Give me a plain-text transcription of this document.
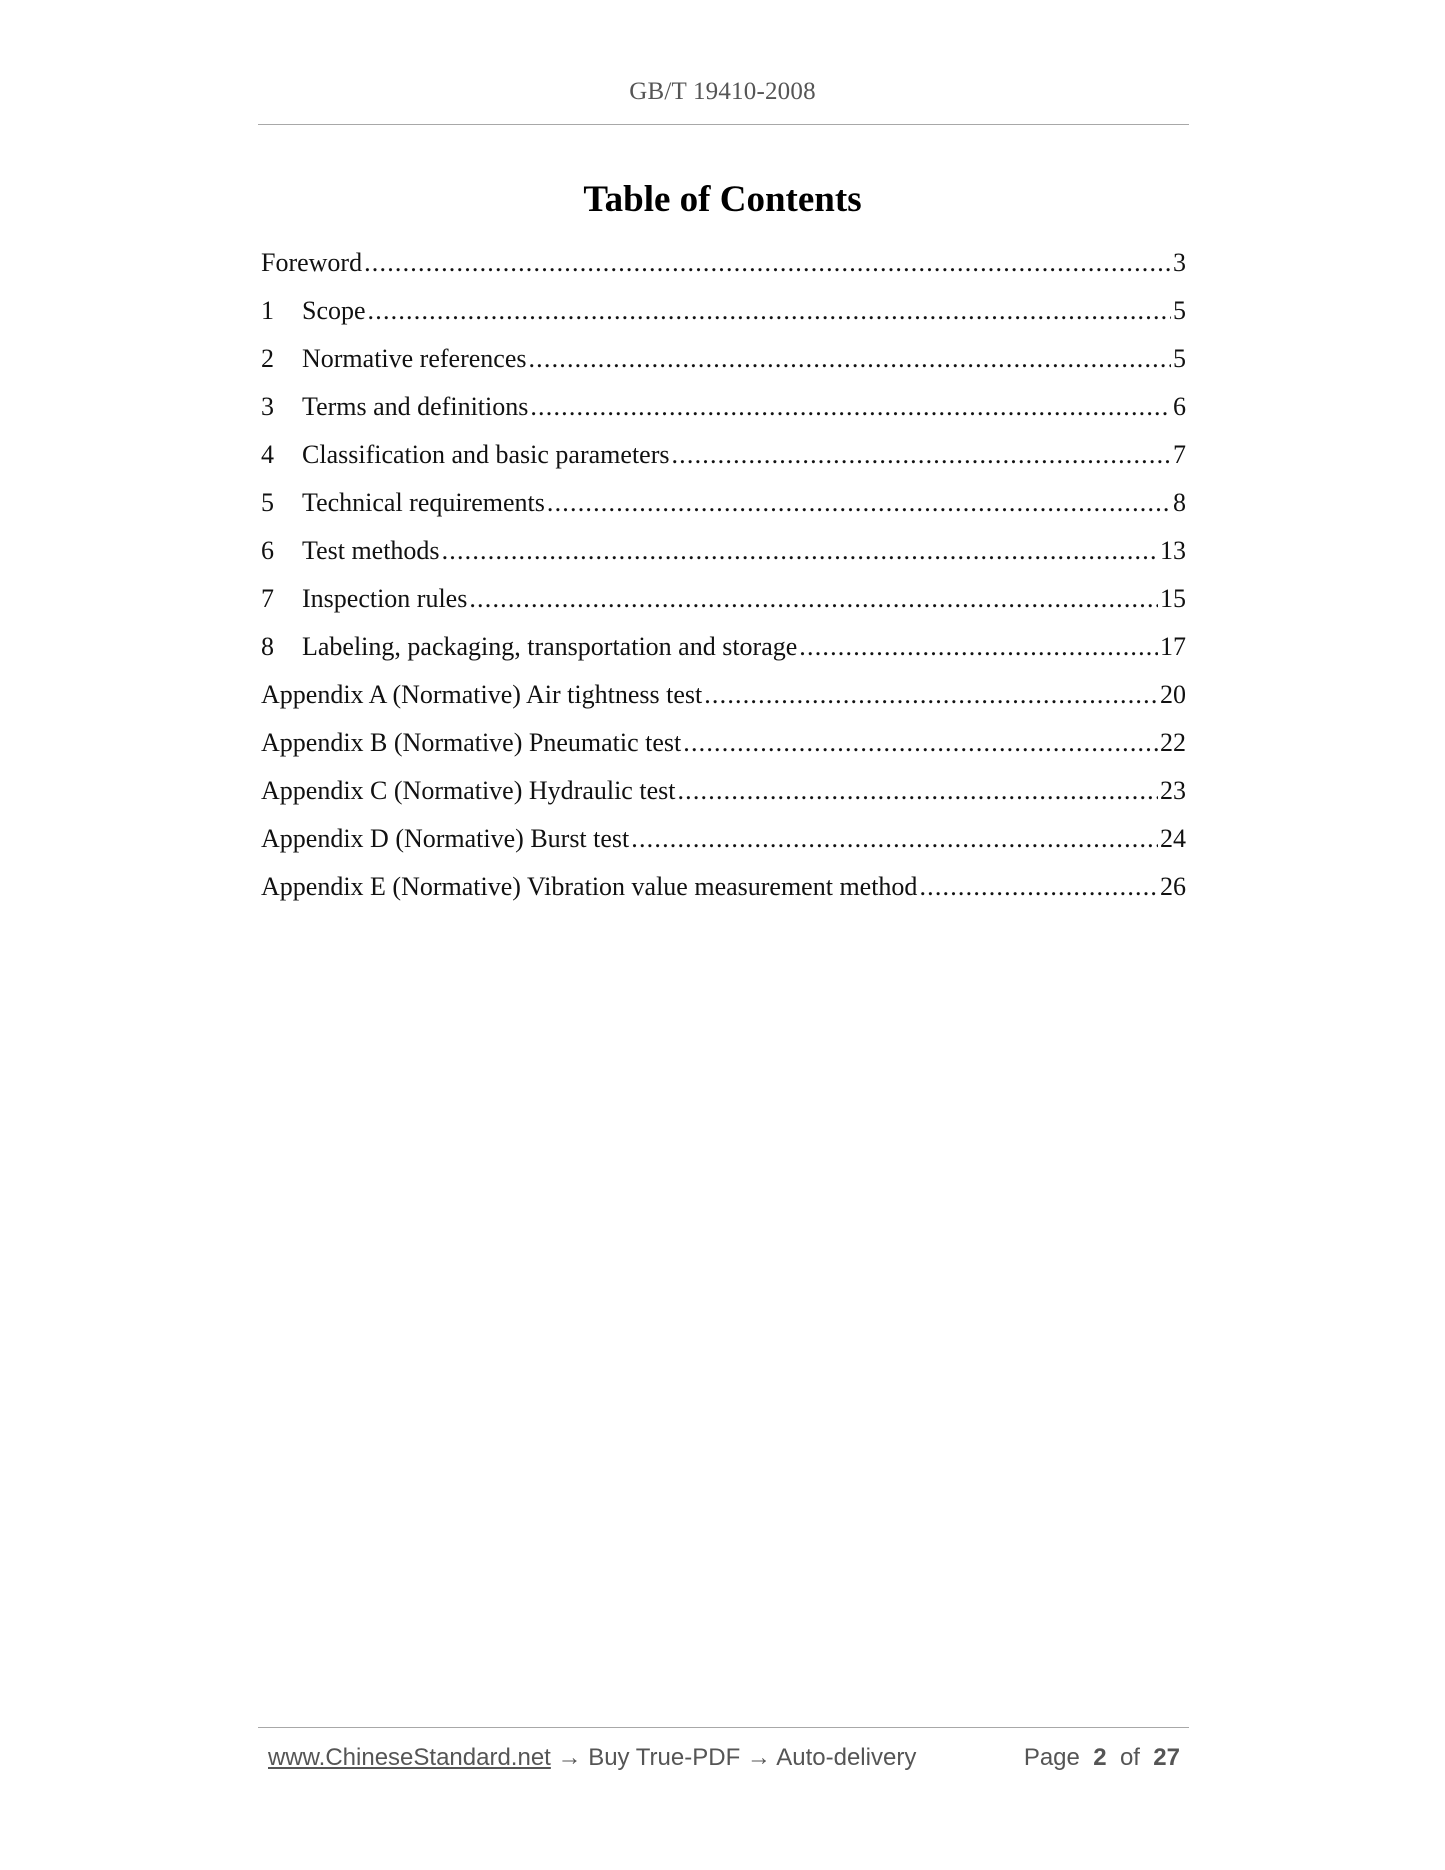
GB/T 19410-2008
Table of Contents
Foreword .....	3
1	Scope .....	5
2	Normative references .....	5
3	Terms and definitions .....	6
4	Classification and basic parameters .....	7
5	Technical requirements .....	8
6	Test methods .....	13
7	Inspection rules .....	15
8	Labeling, packaging, transportation and storage .....	17
Appendix A (Normative) Air tightness test .....	20
Appendix B (Normative) Pneumatic test .....	22
Appendix C (Normative) Hydraulic test .....	23
Appendix D (Normative) Burst test .....	24
Appendix E (Normative) Vibration value measurement method .....	26
www.ChineseStandard.net → Buy True-PDF → Auto-delivery	Page 2 of 27
